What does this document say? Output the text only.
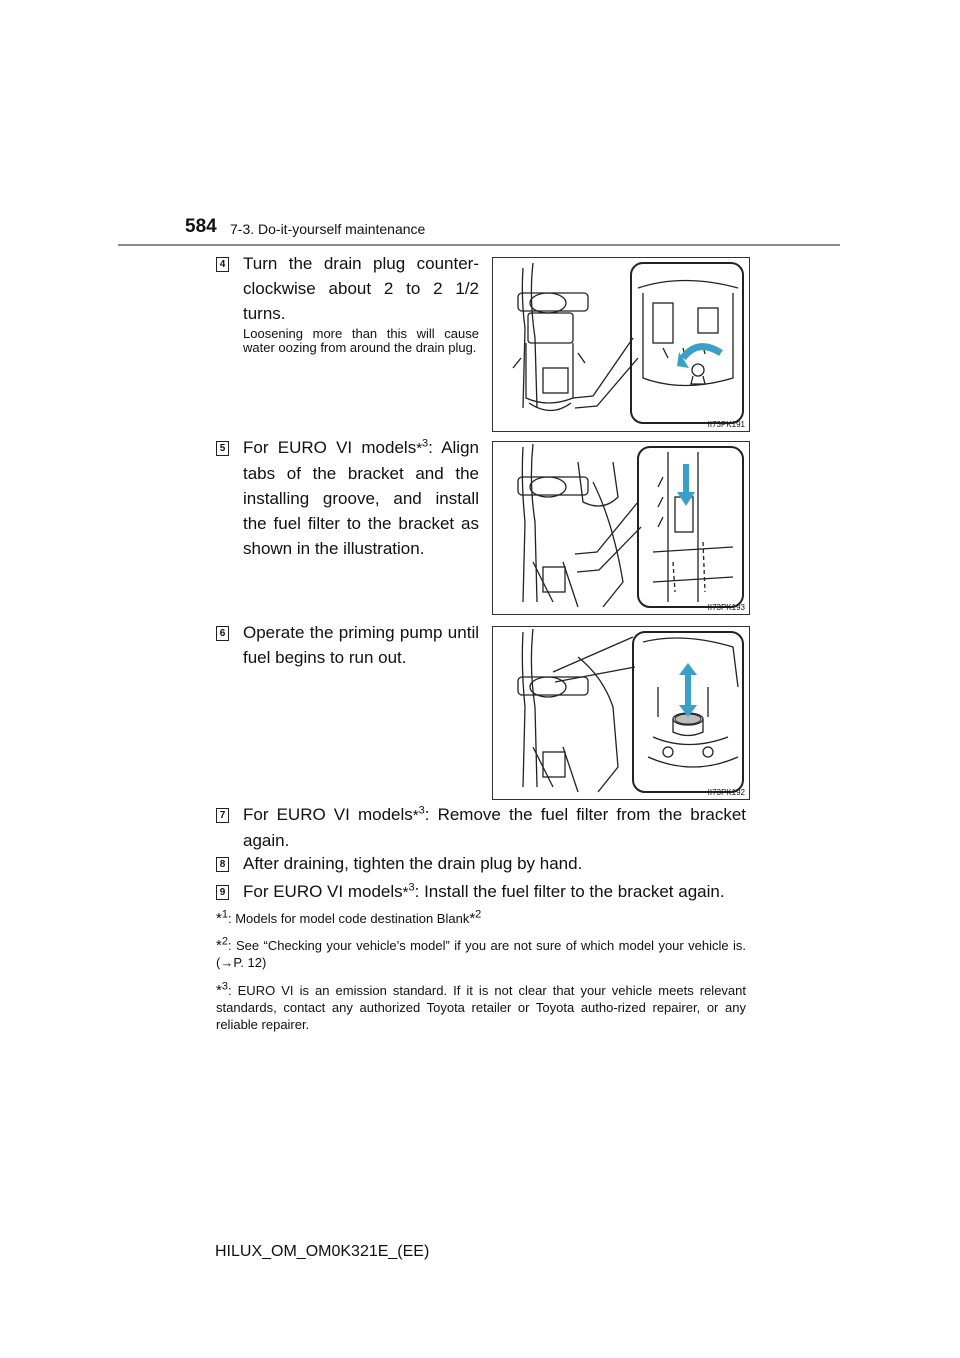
584 7-3. Do-it-yourself maintenance
4 Turn the drain plug counter-clockwise about 2 to 2 1/2 turns.
Loosening more than this will cause water oozing from around the drain plug.
II73PK191
5 For EURO VI models*$^3$: Align tabs of the bracket and the installing groove, and install the fuel filter to the bracket as shown in the illustration.
II73PK193
6 Operate the priming pump until fuel begins to run out.
II73PK192
7 For EURO VI models*$^3$: Remove the fuel filter from the bracket again.
8 After draining, tighten the drain plug by hand.
9 For EURO VI models*$^3$: Install the fuel filter to the bracket again.
*$^1$: Models for model code destination Blank*$^2$
*$^2$: See “Checking your vehicle’s model” if you are not sure of which model your vehicle is. (→P. 12)
*$^3$: EURO VI is an emission standard. If it is not clear that your vehicle meets relevant standards, contact any authorized Toyota retailer or Toyota autho-rized repairer, or any reliable repairer.
HILUX_OM_OM0K321E_(EE)
